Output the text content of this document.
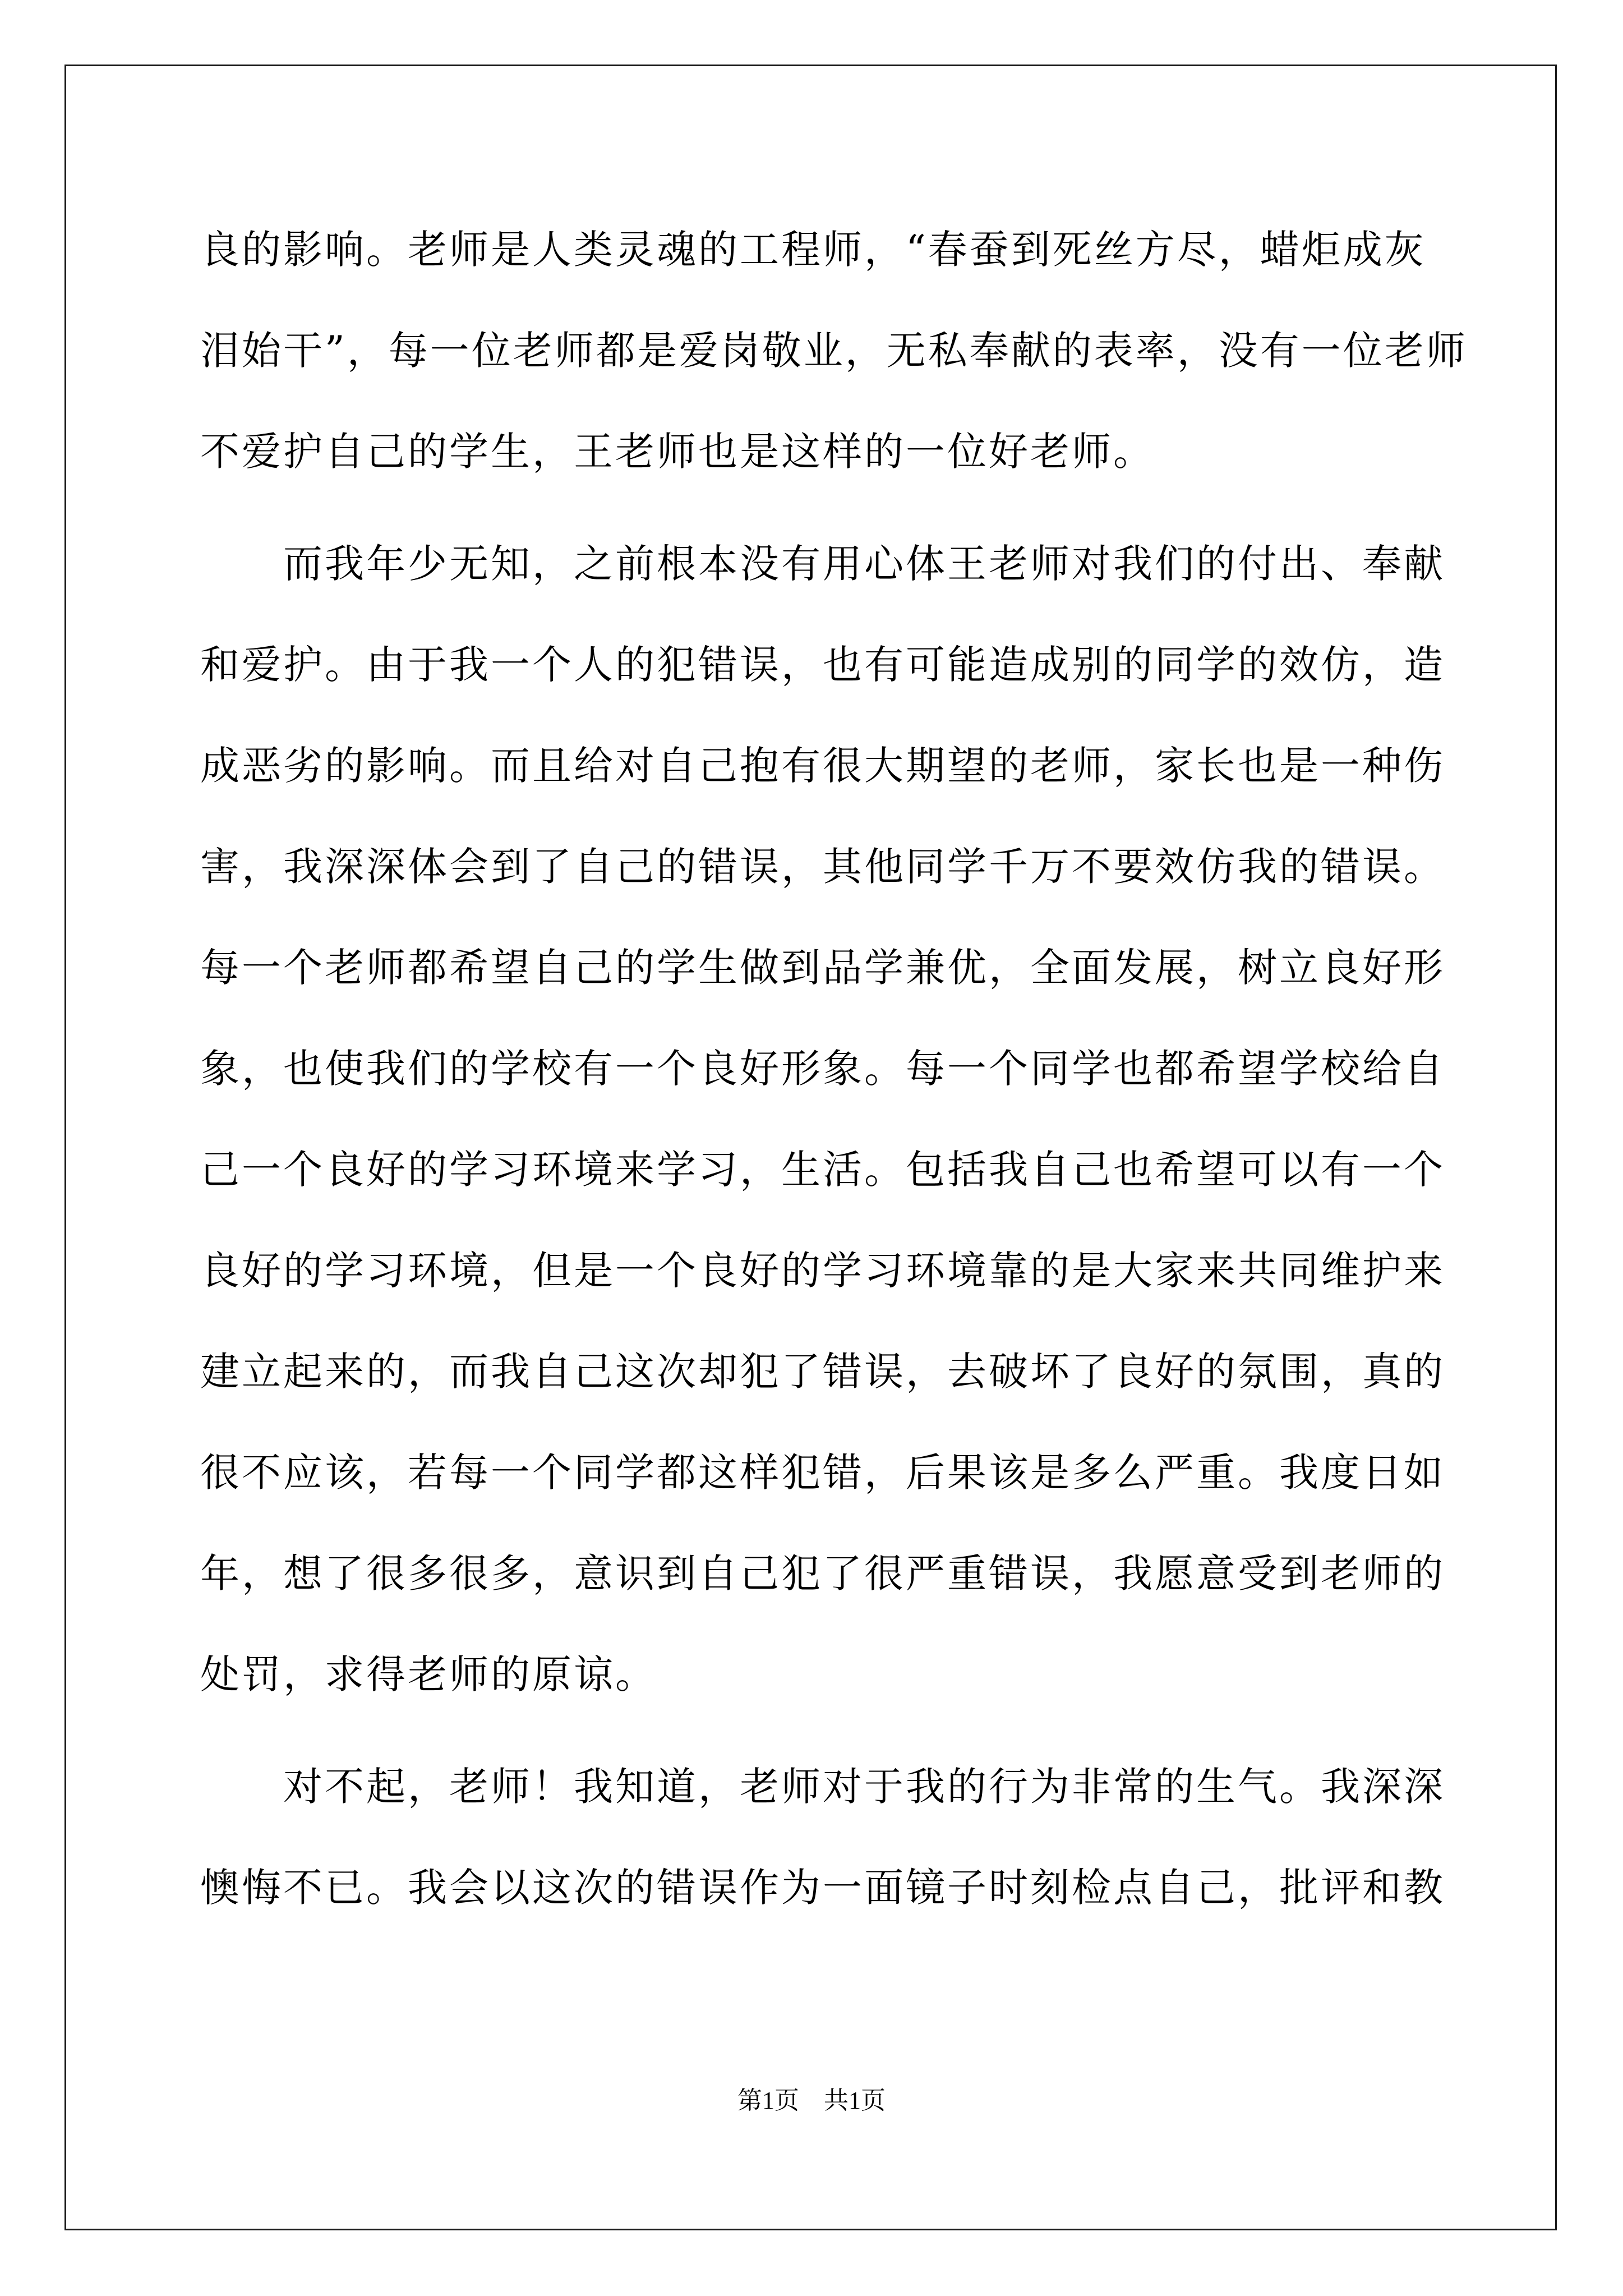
良的影响。老师是人类灵魂的工程师，“春蚕到死丝方尽，蜡炬成灰
泪始干”，每一位老师都是爱岗敬业，无私奉献的表率，没有一位老师
不爱护自己的学生，王老师也是这样的一位好老师。
　　而我年少无知，之前根本没有用心体王老师对我们的付出、奉献
和爱护。由于我一个人的犯错误，也有可能造成别的同学的效仿，造
成恶劣的影响。而且给对自己抱有很大期望的老师，家长也是一种伤
害，我深深体会到了自己的错误，其他同学千万不要效仿我的错误。
每一个老师都希望自己的学生做到品学兼优，全面发展，树立良好形
象，也使我们的学校有一个良好形象。每一个同学也都希望学校给自
己一个良好的学习环境来学习，生活。包括我自己也希望可以有一个
良好的学习环境，但是一个良好的学习环境靠的是大家来共同维护来
建立起来的，而我自己这次却犯了错误，去破坏了良好的氛围，真的
很不应该，若每一个同学都这样犯错，后果该是多么严重。我度日如
年，想了很多很多，意识到自己犯了很严重错误，我愿意受到老师的
处罚，求得老师的原谅。
　　对不起，老师！我知道，老师对于我的行为非常的生气。我深深
懊悔不已。我会以这次的错误作为一面镜子时刻检点自己，批评和教
第1页 共1页
